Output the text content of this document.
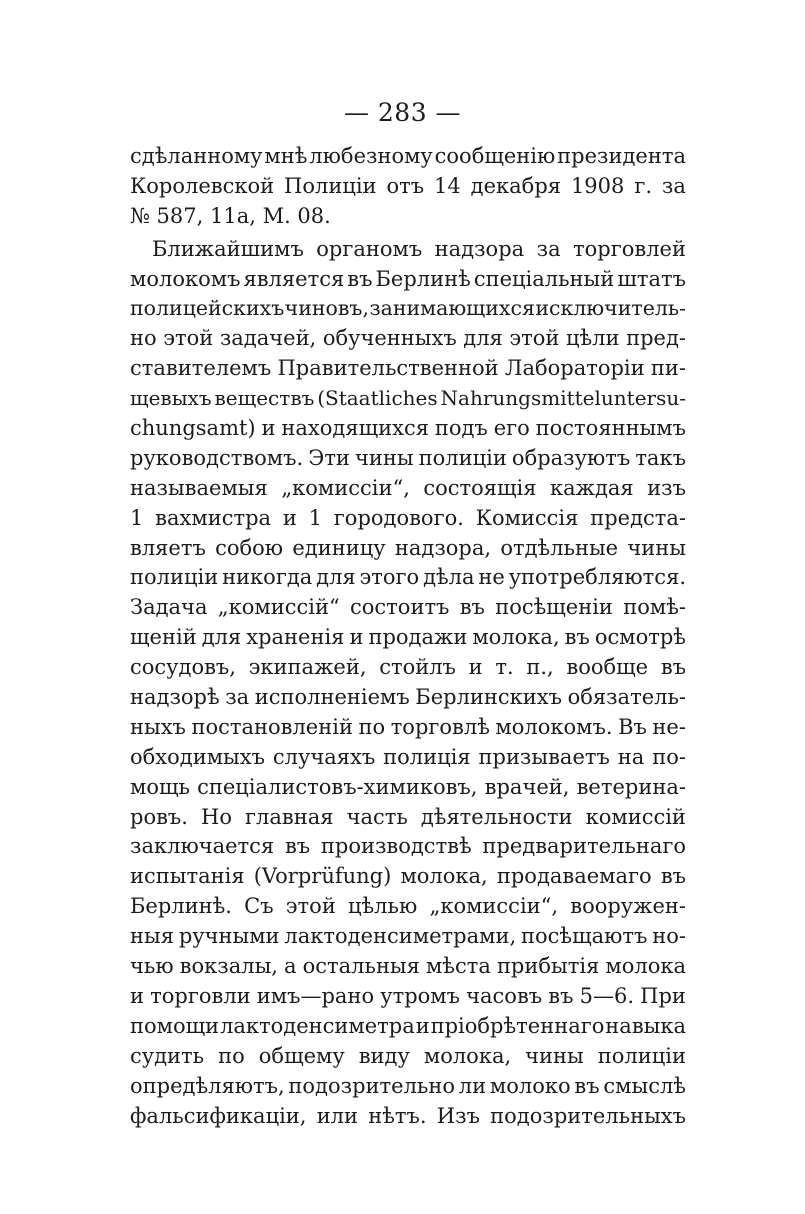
— 283 —
сдѣланному мнѣ любезному сообщенiю президента
Королевской Полицiи отъ 14 декабря 1908 г. за
№ 587, 11a, M. 08.
Ближайшимъ органомъ надзора за торговлей
молокомъ является въ Берлинѣ спецiальный штатъ
полицейскихъ чиновъ, занимающихся исключитель-
но этой задачей, обученныхъ для этой цѣли пред-
ставителемъ Правительственной Лабораторiи пи-
щевыхъ веществъ (Staatliches Nahrungsmitteluntersu-
chungsamt) и находящихся подъ его постояннымъ
руководствомъ. Эти чины полицiи образуютъ такъ
называемыя „комиссiи“, состоящiя каждая изъ
1 вахмистра и 1 городового. Комиссiя предста-
вляетъ собою единицу надзора, отдѣльные чины
полицiи никогда для этого дѣла не употребляются.
Задача „комиссiй“ состоитъ въ посѣщенiи помѣ-
щенiй для храненiя и продажи молока, въ осмотрѣ
сосудовъ, экипажей, стойлъ и т. п., вообще въ
надзорѣ за исполненiемъ Берлинскихъ обязатель-
ныхъ постановленiй по торговлѣ молокомъ. Въ не-
обходимыхъ случаяхъ полицiя призываетъ на по-
мощь спецiалистовъ-химиковъ, врачей, ветерина-
ровъ. Но главная часть дѣятельности комиссiй
заключается въ производствѣ предварительнаго
испытанiя (Vorprüfung) молока, продаваемаго въ
Берлинѣ. Съ этой цѣлью „комиссiи“, вооружен-
ныя ручными лактоденсиметрами, посѣщаютъ но-
чью вокзалы, а остальныя мѣста прибытiя молока
и торговли имъ—рано утромъ часовъ въ 5—6. При
помощи лактоденсиметра и прiобрѣтеннаго навыка
судить по общему виду молока, чины полицiи
опредѣляютъ, подозрительно ли молоко въ смыслѣ
фальсификацiи, или нѣтъ. Изъ подозрительныхъ
